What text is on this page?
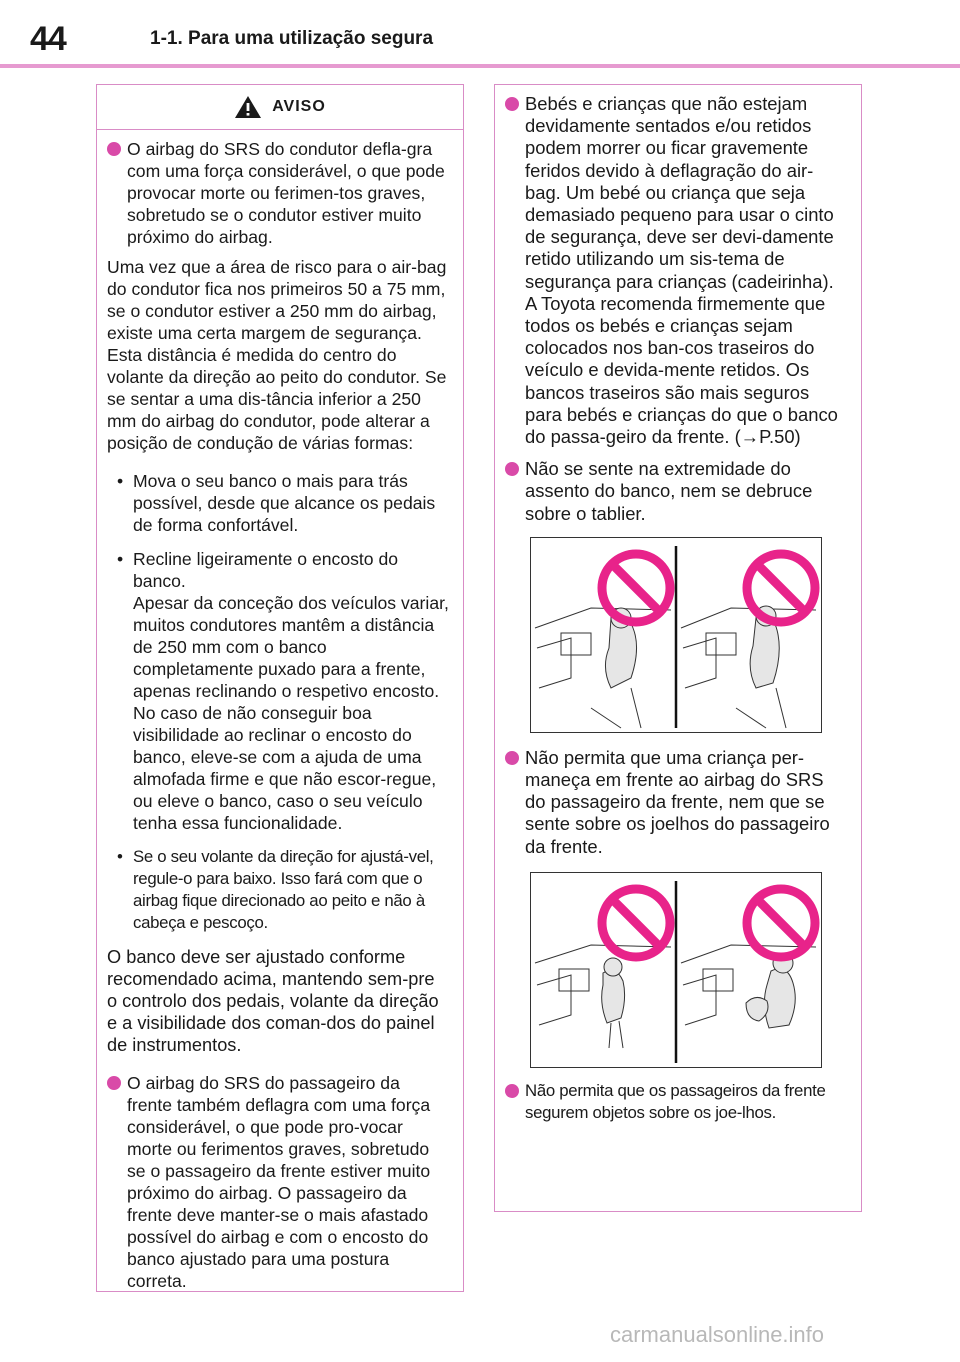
44	1-1. Para uma utilização segura
AVISO
O airbag do SRS do condutor defla-gra com uma força considerável, o que pode provocar morte ou ferimen-tos graves, sobretudo se o condutor estiver muito próximo do airbag.

Uma vez que a área de risco para o air-bag do condutor fica nos primeiros 50 a 75 mm, se o condutor estiver a 250 mm do airbag, existe uma certa margem de segurança. Esta distância é medida do centro do volante da direção ao peito do condutor. Se se sentar a uma dis-tância inferior a 250 mm do airbag do condutor, pode alterar a posição de condução de várias formas:

• Mova o seu banco o mais para trás possível, desde que alcance os pedais de forma confortável.
• Recline ligeiramente o encosto do banco.
Apesar da conceção dos veículos variar, muitos condutores mantêm a distância de 250 mm com o banco completamente puxado para a frente, apenas reclinando o respetivo encosto. No caso de não conseguir boa visibilidade ao reclinar o encosto do banco, eleve-se com a ajuda de uma almofada firme e que não escor-regue, ou eleve o banco, caso o seu veículo tenha essa funcionalidade.
• Se o seu volante da direção for ajustá-vel, regule-o para baixo. Isso fará com que o airbag fique direcionado ao peito e não à cabeça e pescoço.

O banco deve ser ajustado conforme recomendado acima, mantendo sem-pre o controlo dos pedais, volante da direção e a visibilidade dos coman-dos do painel de instrumentos.

O airbag do SRS do passageiro da frente também deflagra com uma força considerável, o que pode pro-vocar morte ou ferimentos graves, sobretudo se o passageiro da frente estiver muito próximo do airbag. O passageiro da frente deve manter-se o mais afastado possível do airbag e com o encosto do banco ajustado para uma postura correta.
Bebés e crianças que não estejam devidamente sentados e/ou retidos podem morrer ou ficar gravemente feridos devido à deflagração do air-bag. Um bebé ou criança que seja demasiado pequeno para usar o cinto de segurança, deve ser devi-damente retido utilizando um sis-tema de segurança para crianças (cadeirinha). A Toyota recomenda firmemente que todos os bebés e crianças sejam colocados nos ban-cos traseiros do veículo e devida-mente retidos. Os bancos traseiros são mais seguros para bebés e crianças do que o banco do passa-geiro da frente. (→P.50)
Não se sente na extremidade do assento do banco, nem se debruce sobre o tablier.
Não permita que uma criança per-maneça em frente ao airbag do SRS do passageiro da frente, nem que se sente sobre os joelhos do passageiro da frente.
Não permita que os passageiros da frente segurem objetos sobre os joe-lhos.
carmanualsonline.info
